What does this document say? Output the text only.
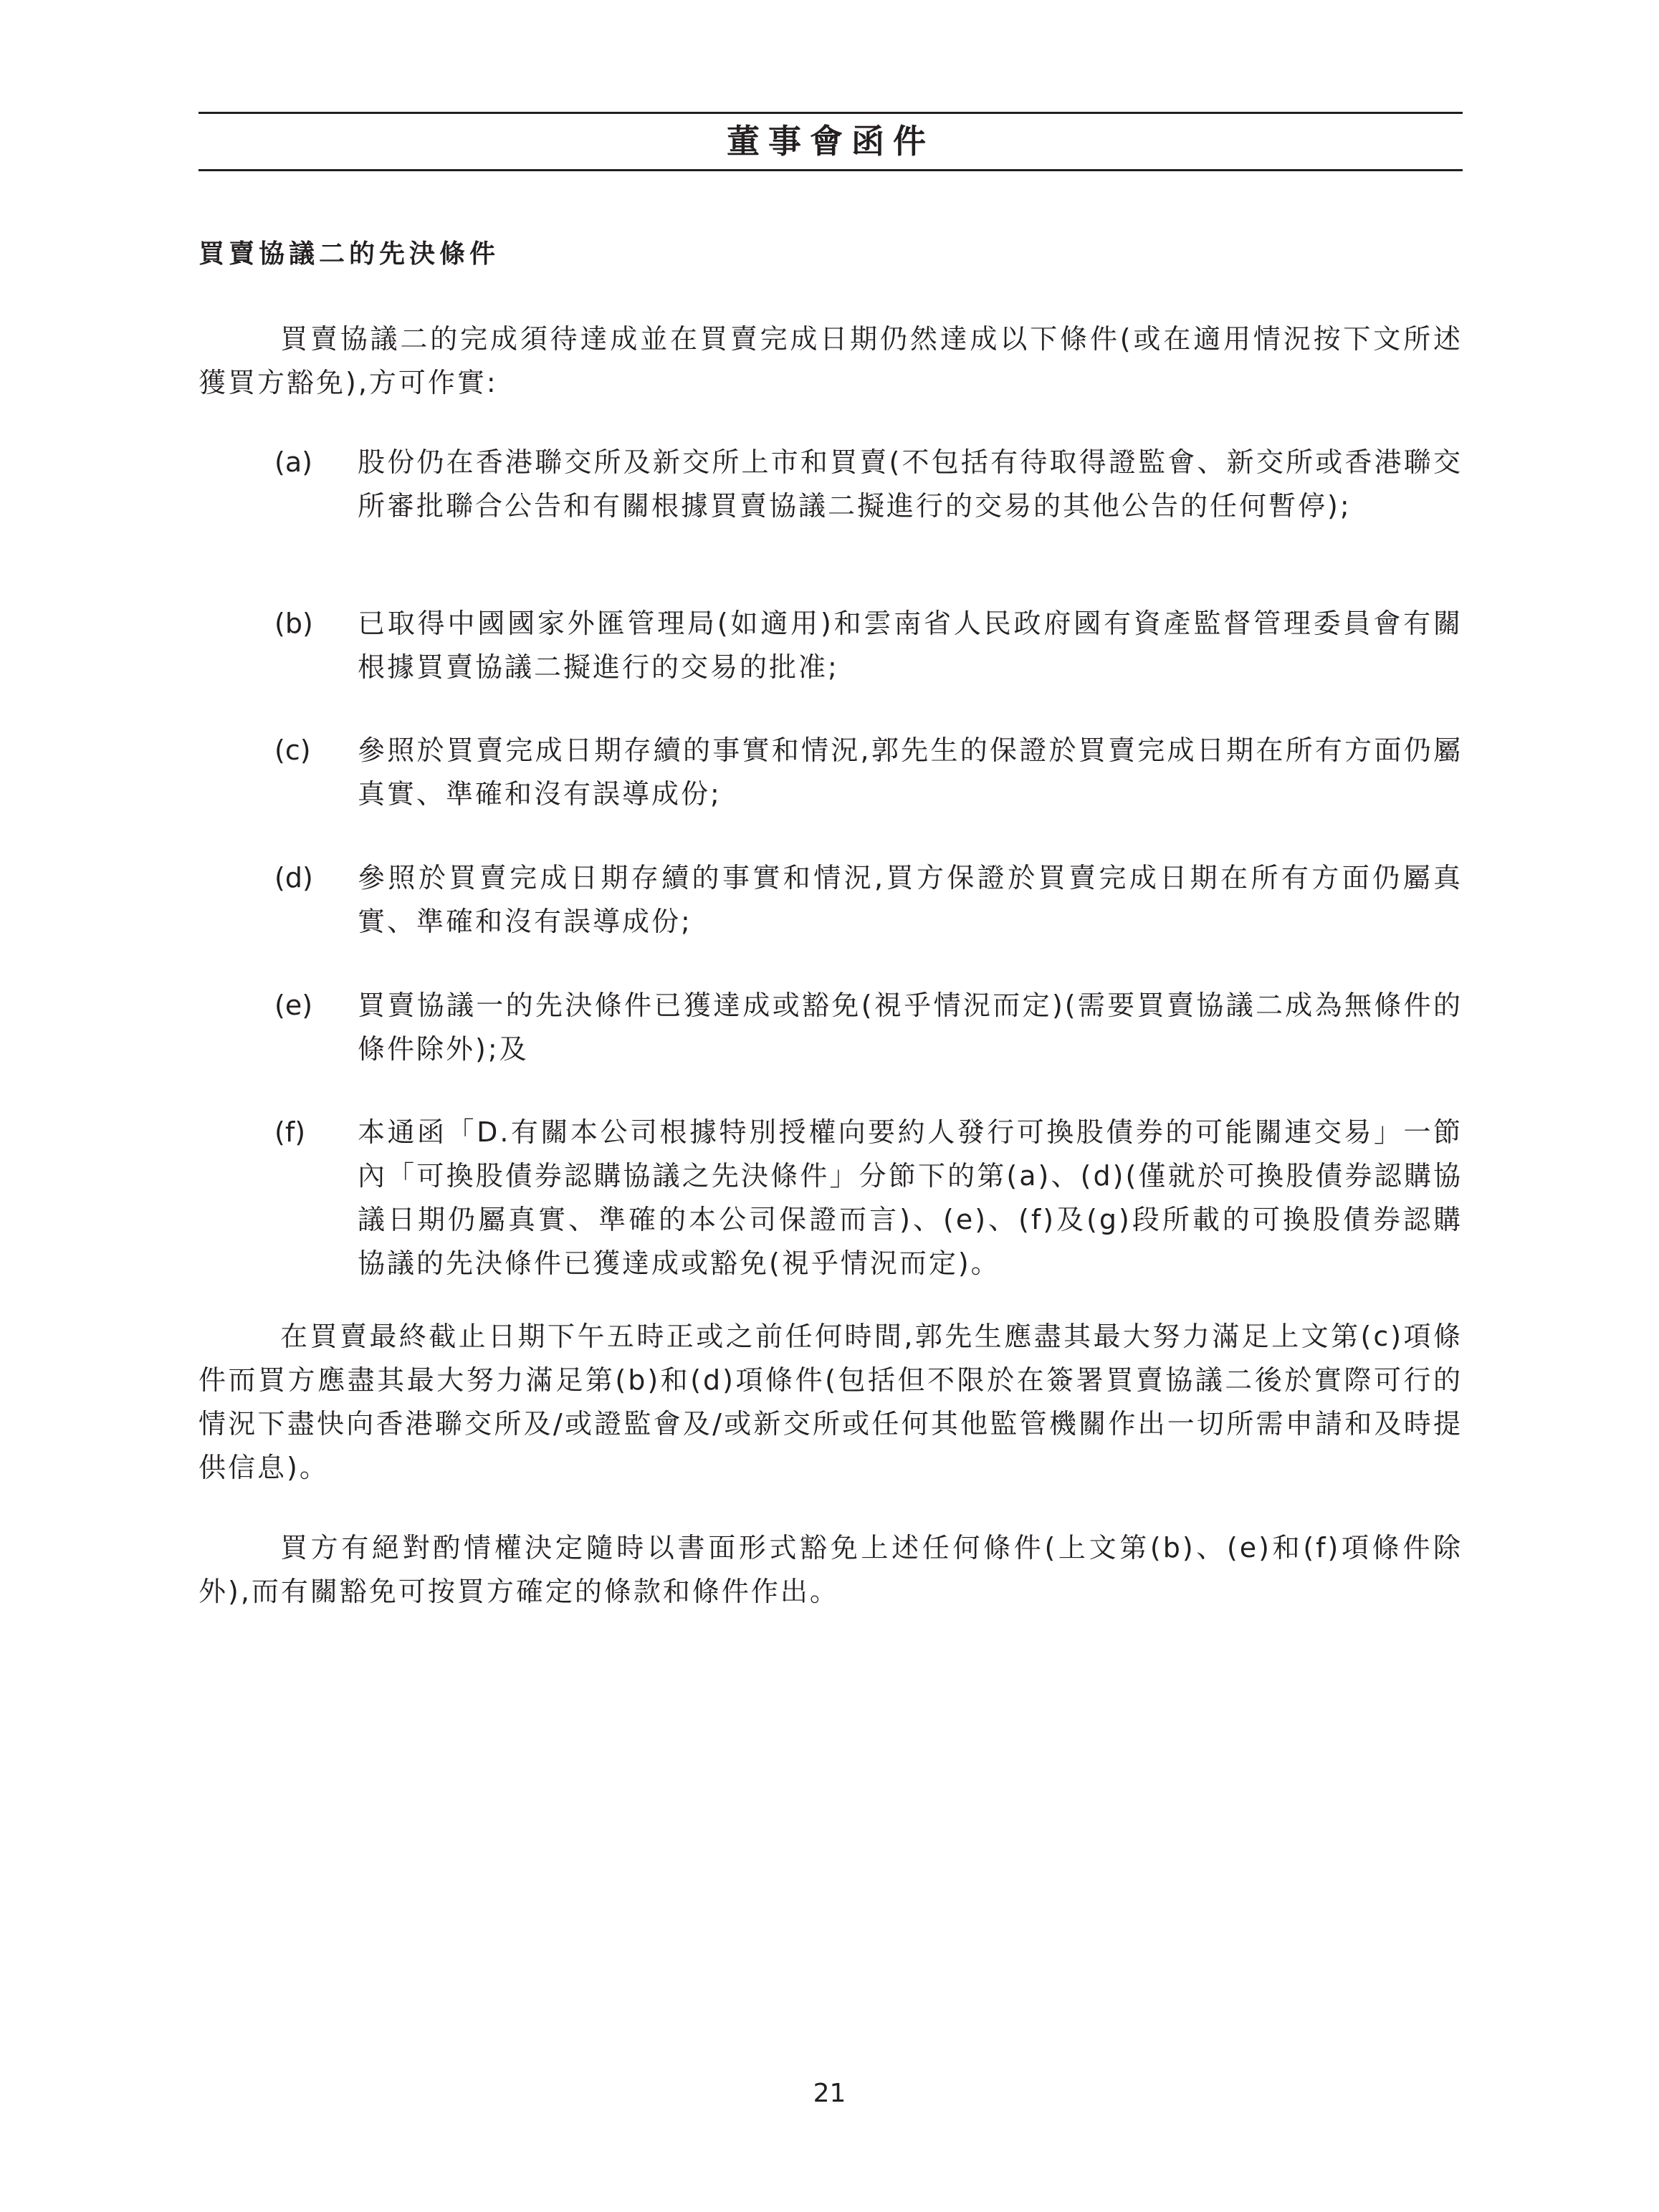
董事會函件
買賣協議二的先決條件

買賣協議二的完成須待達成並在買賣完成日期仍然達成以下條件(或在適用情況按下文所述獲買方豁免),方可作實:

(a) 股份仍在香港聯交所及新交所上市和買賣(不包括有待取得證監會、新交所或香港聯交所審批聯合公告和有關根據買賣協議二擬進行的交易的其他公告的任何暫停);
(b) 已取得中國國家外匯管理局(如適用)和雲南省人民政府國有資產監督管理委員會有關根據買賣協議二擬進行的交易的批准;
(c) 參照於買賣完成日期存續的事實和情況,郭先生的保證於買賣完成日期在所有方面仍屬真實、準確和沒有誤導成份;
(d) 參照於買賣完成日期存續的事實和情況,買方保證於買賣完成日期在所有方面仍屬真實、準確和沒有誤導成份;
(e) 買賣協議一的先決條件已獲達成或豁免(視乎情況而定)(需要買賣協議二成為無條件的條件除外);及
(f) 本通函「D.有關本公司根據特別授權向要約人發行可換股債券的可能關連交易」一節內「可換股債券認購協議之先決條件」分節下的第(a)、(d)(僅就於可換股債券認購協議日期仍屬真實、準確的本公司保證而言)、(e)、(f)及(g)段所載的可換股債券認購協議的先決條件已獲達成或豁免(視乎情況而定)。

在買賣最終截止日期下午五時正或之前任何時間,郭先生應盡其最大努力滿足上文第(c)項條件而買方應盡其最大努力滿足第(b)和(d)項條件(包括但不限於在簽署買賣協議二後於實際可行的情況下盡快向香港聯交所及/或證監會及/或新交所或任何其他監管機關作出一切所需申請和及時提供信息)。

買方有絕對酌情權決定隨時以書面形式豁免上述任何條件(上文第(b)、(e)和(f)項條件除外),而有關豁免可按買方確定的條款和條件作出。

21
